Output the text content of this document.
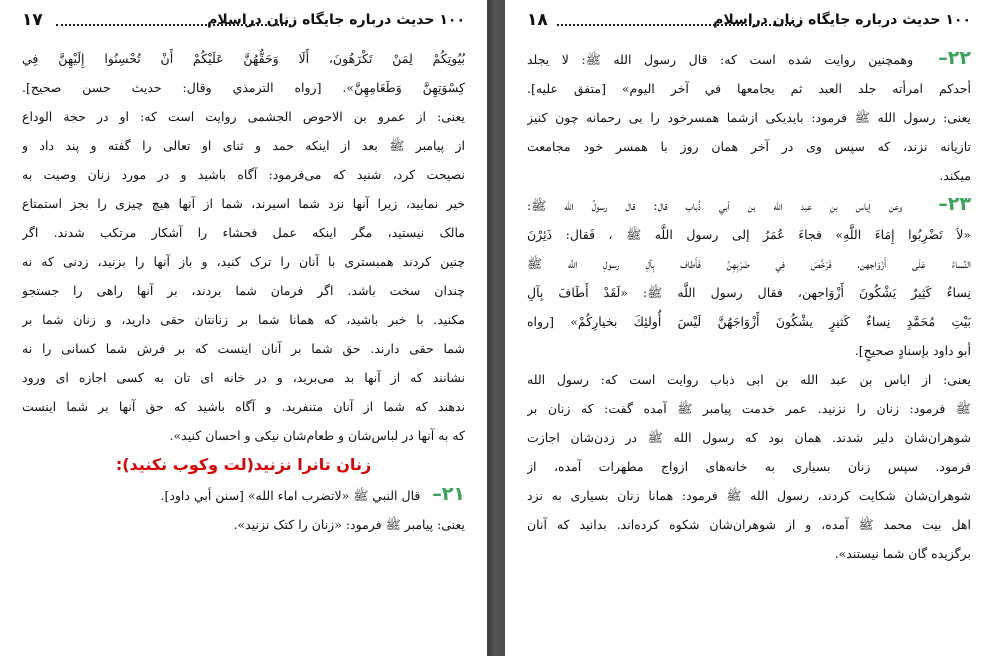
۱۰۰ حدیث درباره جایگاه زنان دراسلام
۱۷
بُيُوتِكُمْ لِمَنْ تَكْرَهُونَ، أَلَا وَحَقُّهُنَّ عَلَيْكُمْ أَنْ تُحْسِنُوا إِلَيْهِنَّ فِي
كِسْوَتِهِنَّ وَطَعَامِهِنَّ». [رواه الترمذي وقال: حديث حسن صحيح].
یعنی: از عمرو بن الاحوص الجشمی روایت است که: او در حجة الوداع
از پیامبر ﷺ بعد از اینکه حمد و ثنای او تعالی را گفته و پند داد و
نصیحت کرد، شنید که می‌فرمود: آگاه باشید و در مورد زنان وصیت به
خیر نمایید، زیرا آنها نزد شما اسیرند، شما از آنها هیچ چیزی را بجز استمتاع
مالک نیستید، مگر اینکه عمل فحشاء را آشکار مرتکب شدند. اگر
چنین کردند همبستری با آنان را ترک کنید، و باز آنها را بزنید، زدنی که نه
چندان سخت باشد. اگر فرمان شما بردند، بر آنها راهی را جستجو
مکنید. با خبر باشید، که همانا شما بر زنانتان حقی دارید، و زنان شما بر
شما حقی دارند. حق شما بر آنان اینست که بر فرش شما کسانی را نه
نشانند که از آنها بد می‌برید، و در خانه ای تان به کسی اجازه ای ورود
ندهند که شما از آنان متنفرید. و آگاه باشید که حق آنها بر شما اینست
که به آنها در لباس‌شان و طعام‌شان نیکی و احسان کنید».
زنان تانرا نزنید(لت وکوب نکنید):
۲۱–   قال النبي ﷺ «لاتضرب اماء الله» [سنن أبي داود].
یعنی: پیامبر ﷺ فرمود: «زنان را کتک نزنید».
۱۰۰ حدیث درباره جایگاه زنان دراسلام
۱۸
۲۲–  وهمچنین روایت شده است که: قال رسول الله ﷺ: لا يجلد
أحدكم امرأته جلد العبد ثم يجامعها في آخر اليوم» [متفق عليه].
یعنی: رسول الله ﷺ فرمود: بایدیکی ازشما همسرخود را بی رحمانه چون کنیز
تازیانه نزند، که سپس وی در آخر همان روز با همسر خود مجامعت
میکند.
۲۳–  وعن إياس بن عبد الله بن أبي ذُباب قال: قال رسولُ الله ﷺ:
«لاَ تَضْرِبُوا إِمَاءَ اللَّهِ» فجاءَ عُمَرُ إلى رسول اللَّه ﷺ ، فَقال: ذَئِرْنَ
النِّساءُ عَلَى أَزْوَاجهن، فَرَخَّصَ فِي ضَرْبِهِنَّ فَأَطاف بِآلِ رسولِ اللَّه ﷺ
نِساءٌ كَثِيرٌ يَشْكُونَ أَزْوَاجهن، فقال رسول اللَّه ﷺ: «لَقَدْ أَطَافَ بِآلِ
بَيْتِ مُحَمَّدٍ نِساءٌ كَثيرٍ يشْكُونَ أَزْوَاجَهُنَّ لَيْسَ أُولئِكَ بخيارِكُمْ» [رواه
أبو داود بإسنادٍ صحيحٍ].
یعنی: از ایاس بن عبد الله بن ابی ذباب روایت است که: رسول الله
ﷺ فرمود: زنان را نزنید. عمر خدمت پیامبر ﷺ آمده گفت: که زنان بر
شوهران‌شان دلیر شدند. همان بود که رسول الله ﷺ در زدن‌شان اجازت
فرمود. سپس زنان بسیاری به خانه‌های ازواج مطهرات آمده، از
شوهران‌شان شکایت کردند، رسول الله ﷺ فرمود: همانا زنان بسیاری به نزد
اهل بیت محمد ﷺ آمده، و از شوهران‌شان شکوه کرده‌اند. بدانید که آنان
برگزیده گان شما نیستند».
